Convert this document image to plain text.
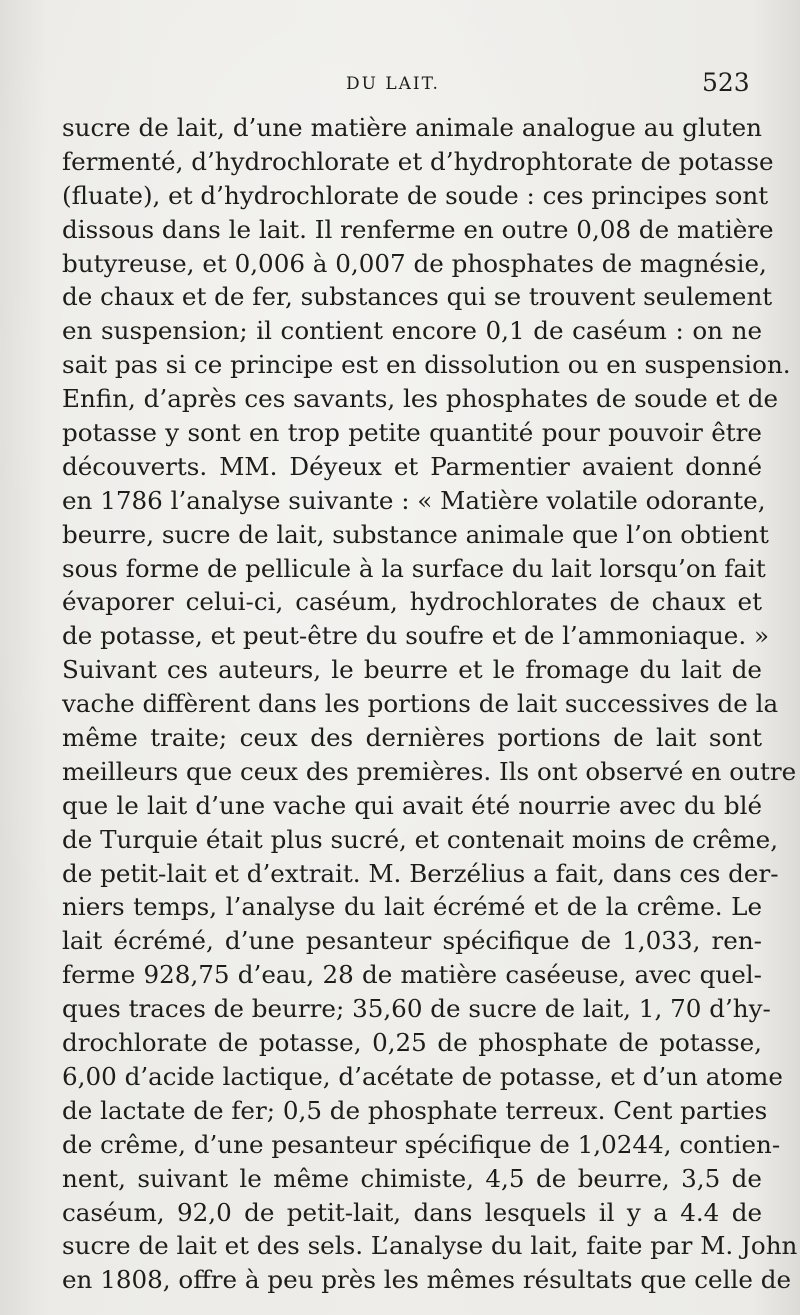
DU LAIT.	523
sucre de lait, d’une matière animale analogue au gluten
fermenté, d’hydrochlorate et d’hydrophtorate de potasse
(fluate), et d’hydrochlorate de soude : ces principes sont
dissous dans le lait. Il renferme en outre 0,08 de matière
butyreuse, et 0,006 à 0,007 de phosphates de magnésie,
de chaux et de fer, substances qui se trouvent seulement
en suspension; il contient encore 0,1 de caséum : on ne
sait pas si ce principe est en dissolution ou en suspension.
Enfin, d’après ces savants, les phosphates de soude et de
potasse y sont en trop petite quantité pour pouvoir être
découverts. MM. Déyeux et Parmentier avaient donné
en 1786 l’analyse suivante : « Matière volatile odorante,
beurre, sucre de lait, substance animale que l’on obtient
sous forme de pellicule à la surface du lait lorsqu’on fait
évaporer celui-ci, caséum, hydrochlorates de chaux et
de potasse, et peut-être du soufre et de l’ammoniaque. »
Suivant ces auteurs, le beurre et le fromage du lait de
vache diffèrent dans les portions de lait successives de la
même traite; ceux des dernières portions de lait sont
meilleurs que ceux des premières. Ils ont observé en outre
que le lait d’une vache qui avait été nourrie avec du blé
de Turquie était plus sucré, et contenait moins de crême,
de petit-lait et d’extrait. M. Berzélius a fait, dans ces der-
niers temps, l’analyse du lait écrémé et de la crême. Le
lait écrémé, d’une pesanteur spécifique de 1,033, ren-
ferme 928,75 d’eau, 28 de matière caséeuse, avec quel-
ques traces de beurre; 35,60 de sucre de lait, 1, 70 d’hy-
drochlorate de potasse, 0,25 de phosphate de potasse,
6,00 d’acide lactique, d’acétate de potasse, et d’un atome
de lactate de fer; 0,5 de phosphate terreux. Cent parties
de crême, d’une pesanteur spécifique de 1,0244, contien-
nent, suivant le même chimiste, 4,5 de beurre, 3,5 de
caséum, 92,0 de petit-lait, dans lesquels il y a 4.4 de
sucre de lait et des sels. L’analyse du lait, faite par M. John
en 1808, offre à peu près les mêmes résultats que celle de
